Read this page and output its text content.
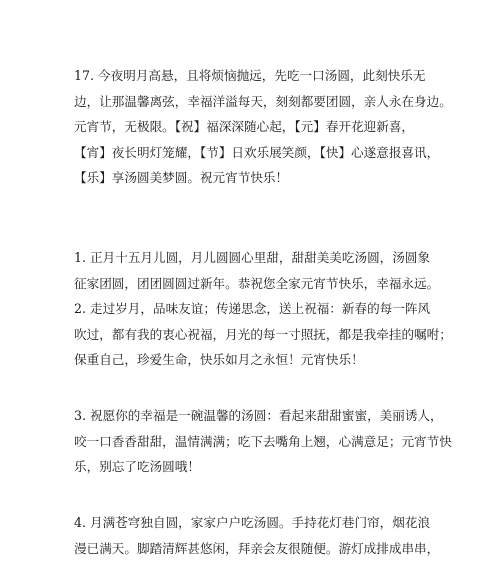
17. 今夜明月高悬，且将烦恼抛远，先吃一口汤圆，此刻快乐无
边，让那温馨离弦，幸福洋溢每天，刻刻都要团圆，亲人永在身边。
元宵节，无极限。【祝】福深深随心起，【元】春开花迎新喜，
【宵】夜长明灯笼耀，【节】日欢乐展笑颜，【快】心遂意报喜讯，
【乐】享汤圆美梦圆。祝元宵节快乐！

1. 正月十五月儿圆，月儿圆圆心里甜，甜甜美美吃汤圆，汤圆象
征家团圆，团团圆圆过新年。恭祝您全家元宵节快乐，幸福永远。

2. 走过岁月，品味友谊；传递思念，送上祝福：新春的每一阵风
吹过，都有我的衷心祝福，月光的每一寸照抚，都是我牵挂的嘱咐；
保重自己，珍爱生命，快乐如月之永恒！元宵快乐！

3. 祝愿你的幸福是一碗温馨的汤圆：看起来甜甜蜜蜜，美丽诱人，
咬一口香香甜甜，温情满满；吃下去嘴角上翘，心满意足；元宵节快
乐，别忘了吃汤圆哦！

4. 月满苍穹独自圆，家家户户吃汤圆。手持花灯巷门帘，烟花浪
漫已满天。脚踏清辉甚悠闲，拜亲会友很随便。游灯成排成串串，
